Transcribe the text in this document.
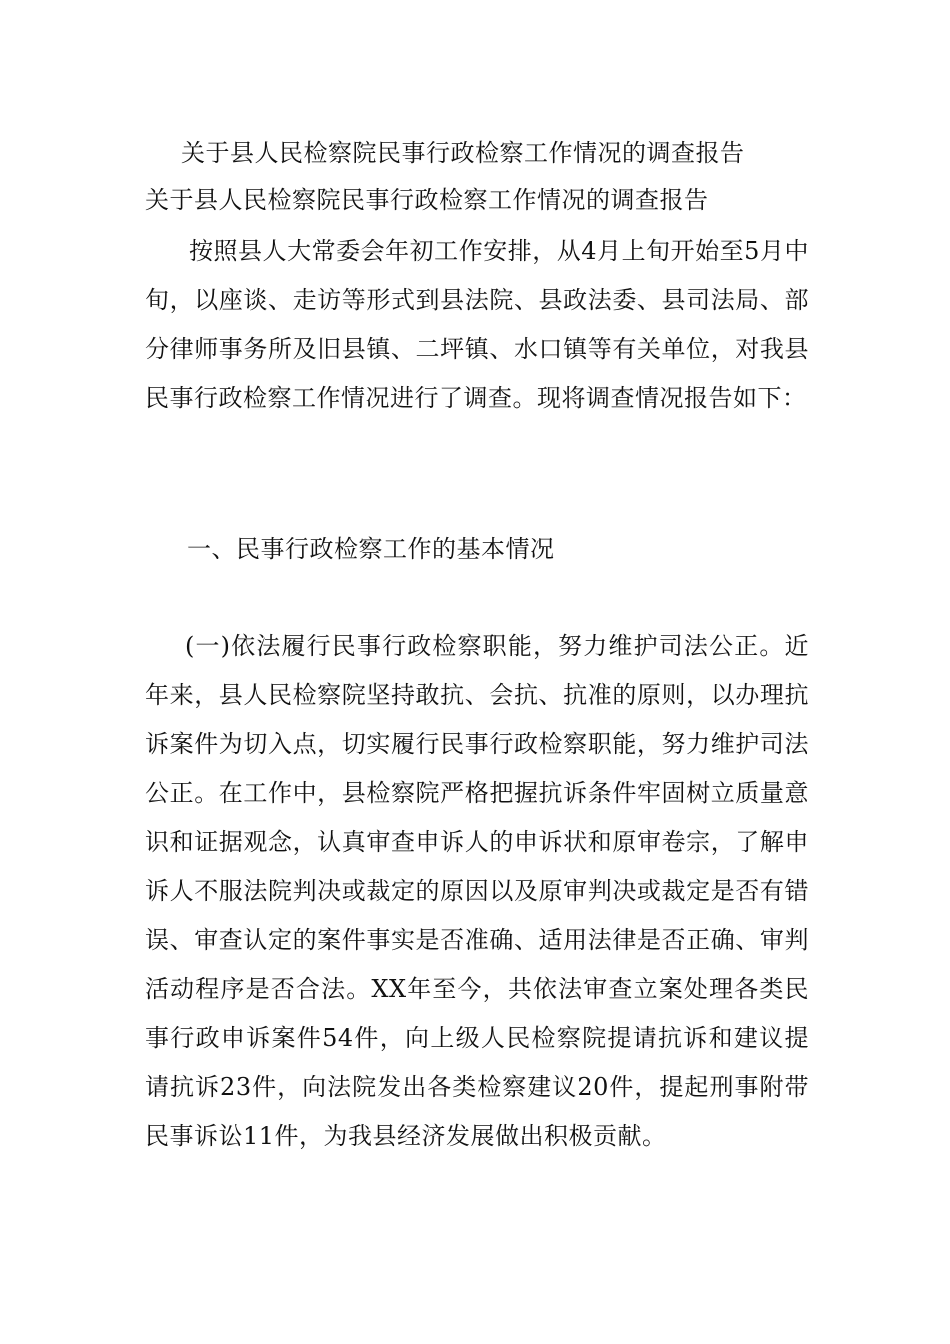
关于县人民检察院民事行政检察工作情况的调查报告

关于县人民检察院民事行政检察工作情况的调查报告

按照县人大常委会年初工作安排，从4月上旬开始至5月中旬，以座谈、走访等形式到县法院、县政法委、县司法局、部分律师事务所及旧县镇、二坪镇、水口镇等有关单位，对我县民事行政检察工作情况进行了调查。现将调查情况报告如下：

一、民事行政检察工作的基本情况

(一)依法履行民事行政检察职能，努力维护司法公正。近年来，县人民检察院坚持敢抗、会抗、抗准的原则，以办理抗诉案件为切入点，切实履行民事行政检察职能，努力维护司法公正。在工作中，县检察院严格把握抗诉条件牢固树立质量意识和证据观念，认真审查申诉人的申诉状和原审卷宗，了解申诉人不服法院判决或裁定的原因以及原审判决或裁定是否有错误、审查认定的案件事实是否准确、适用法律是否正确、审判活动程序是否合法。XX年至今，共依法审查立案处理各类民事行政申诉案件54件，向上级人民检察院提请抗诉和建议提请抗诉23件，向法院发出各类检察建议20件，提起刑事附带民事诉讼11件，为我县经济发展做出积极贡献。
